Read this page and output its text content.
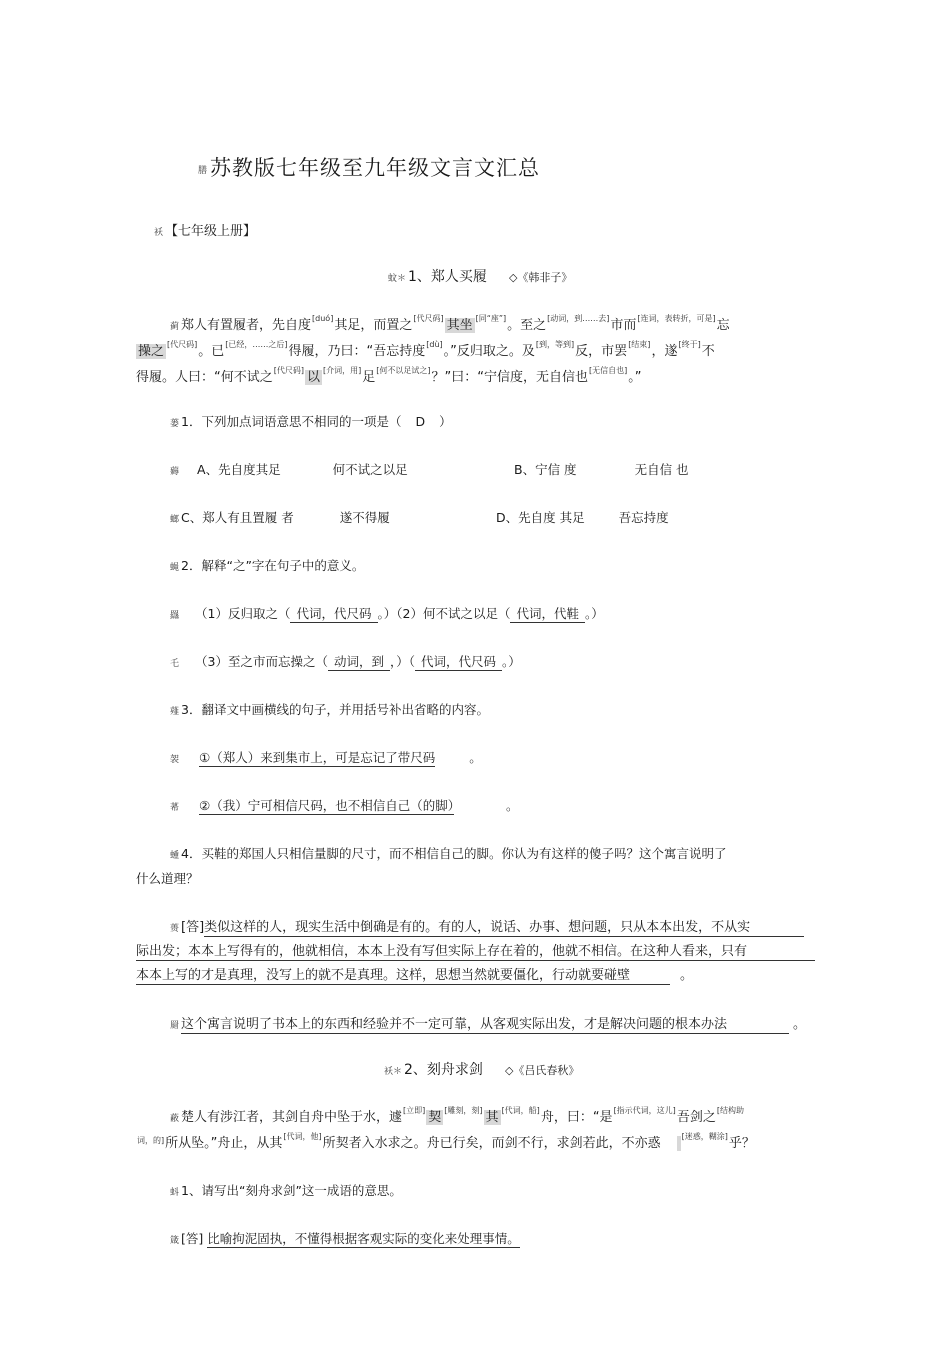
膳苏教版七年级至九年级文言文汇总
袄 【七年级上册】
蚊＊ 1、郑人买履 ◇《韩非子》
蓟 郑人有置履者，先自度[duó]其足，而置之[代尺码] 其坐 [同“座”]。至之[动词，到……去]市而[连词，表转折，可是]忘
操之 [代尺码]。已[已经，……之后]得履，乃曰：“吾忘持度[dù]。”反归取之。及[到，等到]反，市罢[结束]，遂[终于]不
得履。人曰：“何不试之[代尺码] 以 [介词，用]足[何不以足试之]？”曰：“宁信度，无自信也[无信自也]。”
蒌 1．下列加点词语意思不相同的一项是（ D ）
薅 A、先自度其足	何不试之以足	B、宁信 度	无自信 也
螂 C、郑人有且置履 者	遂不得履	D、先自度 其足	吾忘持度
蝇 2．解释“之”字在句子中的意义。
羉 （1）反归取之（ 代词，代尺码 。）（2）何不试之以足（ 代词，代鞋 。）
乇 （3）至之市而忘操之（ 动词，到 ，）（ 代词，代尺码 。）
薤 3．翻译文中画横线的句子，并用括号补出省略的内容。
袈 ①（郑人）来到集市上，可是忘记了带尺码	。
莃 ②（我）宁可相信尺码，也不相信自己（的脚）	。
蝩 4．买鞋的郑国人只相信量脚的尺寸，而不相信自己的脚。你认为有这样的傻子吗？这个寓言说明了
什么道理？
蒉 [答]类似这样的人，现实生活中倒确是有的。有的人，说话、办事、想问题，只从本本出发，不从实
际出发；本本上写得有的，他就相信，本本上没有写但实际上存在着的，他就不相信。在这种人看来，只有
本本上写的才是真理，没写上的就不是真理。这样，思想当然就要僵化，行动就要碰壁	。
罽 这个寓言说明了书本上的东西和经验并不一定可靠，从客观实际出发，才是解决问题的根本办法	。
袄＊ 2、刻舟求剑 ◇《吕氏春秋》
蔽 楚人有涉江者，其剑自舟中坠于水，遽[立即] 契 [雕刻，刻] 其 [代词，船]舟，曰：“是[指示代词，这儿]吾剑之$^{[结构助}$
$^{词,的]}$所从坠。”舟止，从其[代词，他]所契者入水求之。舟已行矣，而剑不行，求剑若此，不亦惑	[迷惑，糊涂]乎？
蚪 1、请写出“刻舟求剑”这一成语的意思。
箴 [答] 比喻拘泥固执，不懂得根据客观实际的变化来处理事情。
